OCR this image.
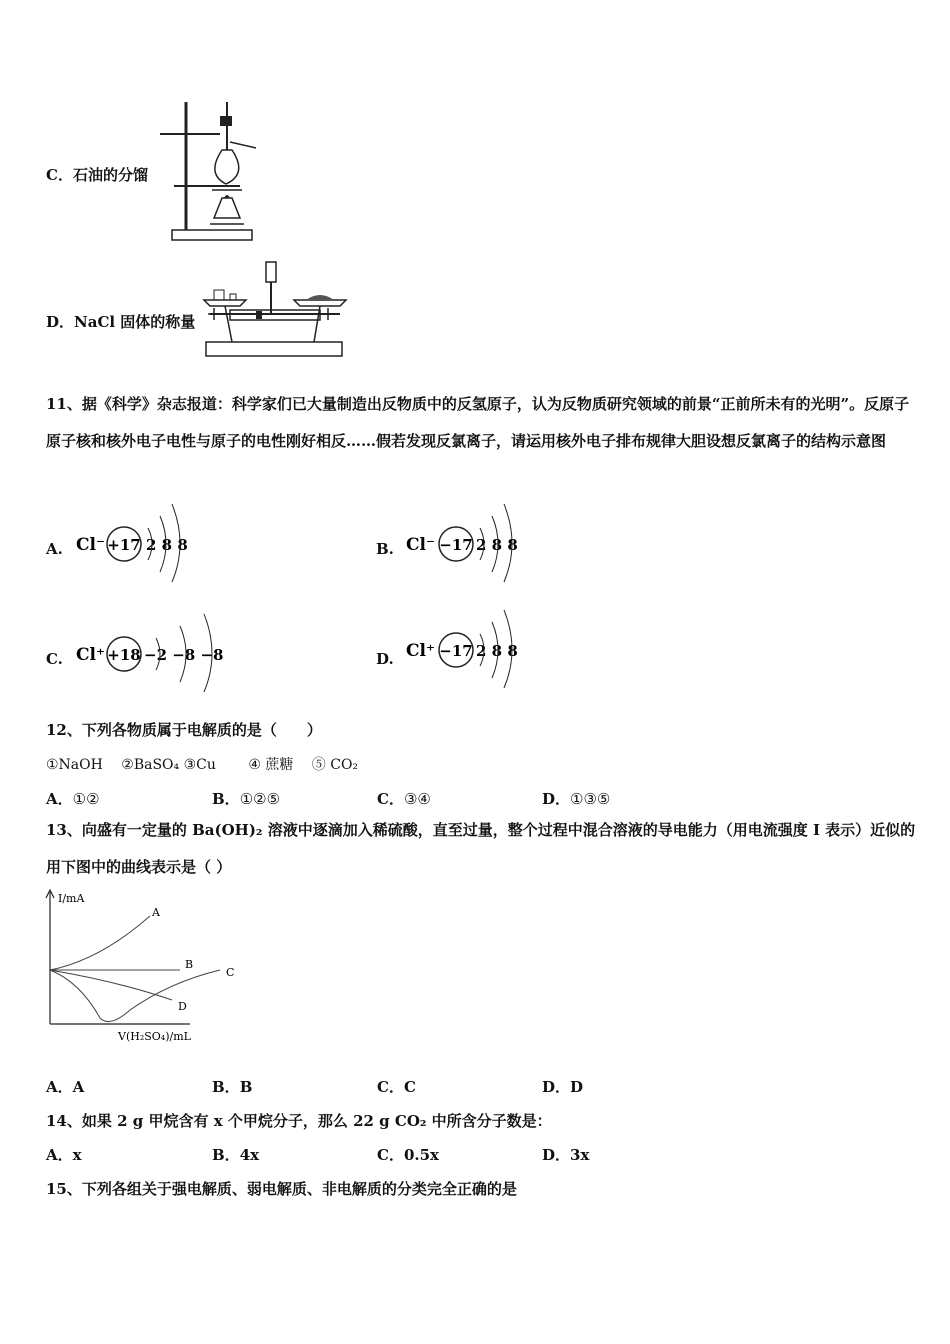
C．石油的分馏
D．NaCl 固体的称量
11、据《科学》杂志报道：科学家们已大量制造出反物质中的反氢原子，认为反物质研究领域的前景“正前所未有的光明”。反原子原子核和核外电子电性与原子的电性刚好相反……假若发现反氯离子，请运用核外电子排布规律大胆设想反氯离子的结构示意图
A. Cl⁻ +17 2 8 8	B. Cl⁻ −17 2 8 8
C. Cl⁺ +18 −2 −8 −8	D. Cl⁺ −17 2 8 8
12、下列各物质属于电解质的是（　　）
①NaOH　 ②BaSO₄ ③Cu　　 ④ 蔗糖　 ⑤ CO₂
A．①②	B．①②⑤	C．③④	D．①③⑤
13、向盛有一定量的 Ba(OH)₂ 溶液中逐滴加入稀硫酸，直至过量，整个过程中混合溶液的导电能力（用电流强度 I 表示）近似的用下图中的曲线表示是（ ）
I/mA
V(H₂SO₄)/mL
A
B
C
D
A．A	B．B	C．C	D．D
14、如果 2 g 甲烷含有 x 个甲烷分子，那么 22 g CO₂ 中所含分子数是：
A．x	B．4x	C．0.5x	D．3x
15、下列各组关于强电解质、弱电解质、非电解质的分类完全正确的是
